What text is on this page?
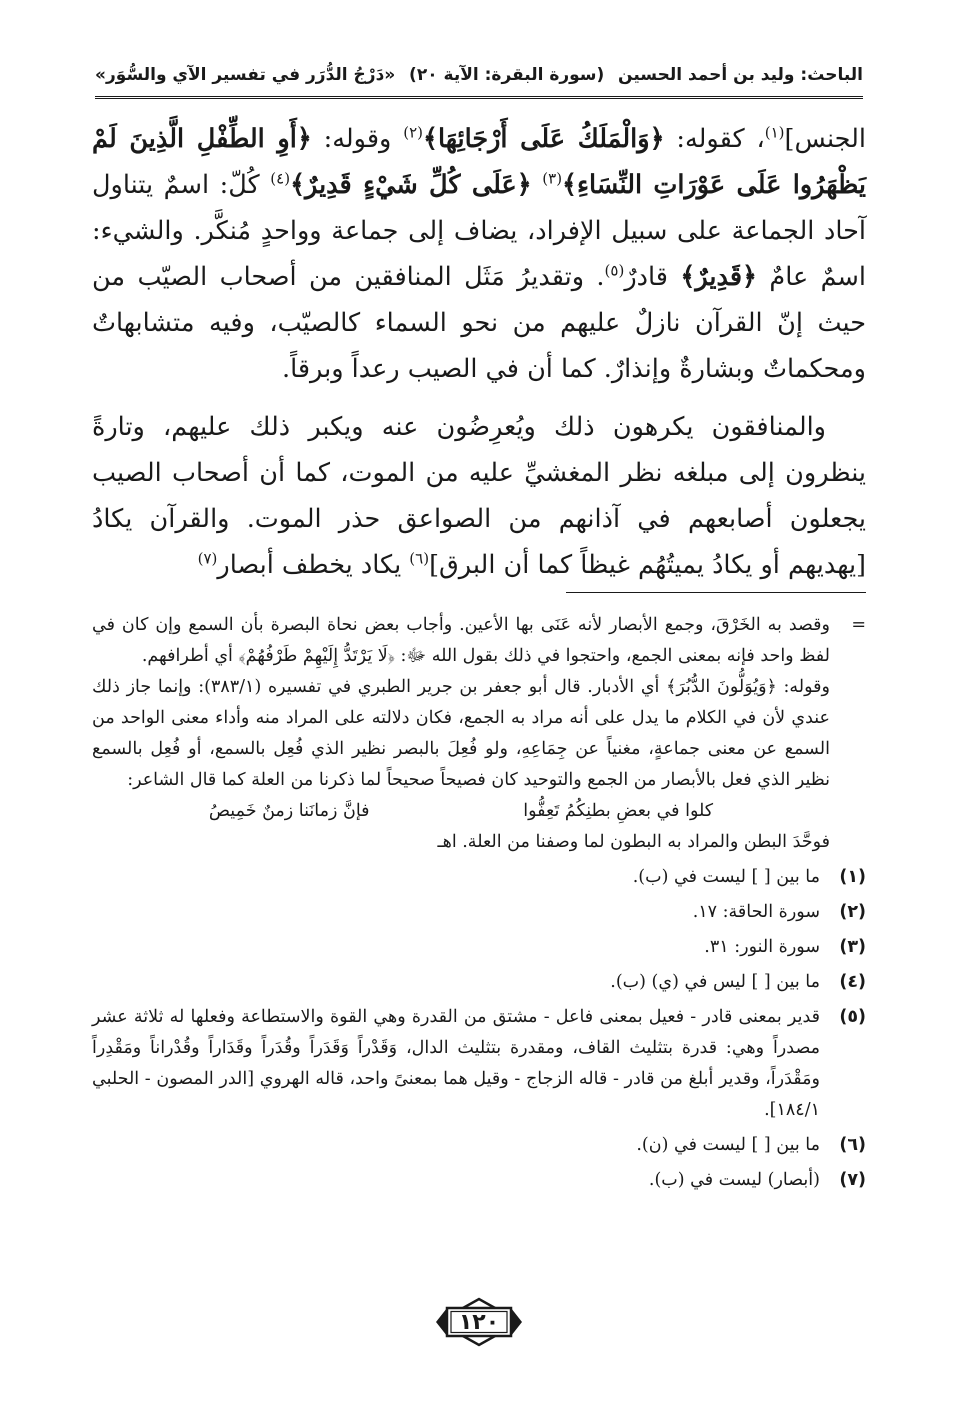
الباحث: وليد بن أحمد الحسين
(سورة البقرة: الآية ٢٠)
«دَرْجُ الدُّرَر في تفسير الآي والسُّوَر»

الجنس]$^{(١)}$، كقوله: ﴿وَالْمَلَكُ عَلَى أَرْجَائِهَا﴾$^{(٢)}$ وقوله: ﴿أَوِ الطِّفْلِ الَّذِينَ لَمْ يَظْهَرُوا عَلَى عَوْرَاتِ النِّسَاءِ﴾$^{(٣)}$ ﴿عَلَى كُلِّ شَيْءٍ قَدِيرٌ﴾$^{(٤)}$ كُلّ: اسمٌ يتناول آحاد الجماعة على سبيل الإفراد، يضاف إلى جماعة وواحدٍ مُنكَّر. والشيء: اسمٌ عامٌ ﴿قَدِيرٌ﴾ قادرٌ$^{(٥)}$. وتقديرُ مَثَل المنافقين من أصحاب الصيّب من حيث إنّ القرآن نازلٌ عليهم من نحو السماء كالصيّب، وفيه متشابهاتٌ ومحكماتٌ وبشارةٌ وإنذارٌ. كما أن في الصيب رعداً وبرقاً.

والمنافقون يكرهون ذلك ويُعرِضُون عنه ويكبر ذلك عليهم، وتارةً ينظرون إلى مبلغه نظر المغشيِّ عليه من الموت، كما أن أصحاب الصيب يجعلون أصابعهم في آذانهم من الصواعق حذر الموت. والقرآن يكادُ [يهديهم أو يكادُ يميتُهُم غيظاً كما أن البرق]$^{(٦)}$ يكاد يخطف أبصار$^{(٧)}$

=

وقصد به الخَرْقَ، وجمع الأبصار لأنه عَنَى بها الأعين. وأجاب بعض نحاة البصرة بأن السمع وإن كان في لفظ واحد فإنه بمعنى الجمع، واحتجوا في ذلك بقول الله ﷻ: ﴿لَا يَرْتَدُّ إِلَيْهِمْ طَرْفُهُمْ﴾ أي أطرافهم.

وقوله: ﴿وَيُوَلُّونَ الدُّبُرَ﴾ أي الأدبار. قال أبو جعفر بن جرير الطبري في تفسيره (٣٨٣/١): وإنما جاز ذلك عندي لأن في الكلام ما يدل على أنه مراد به الجمع، فكان دلالته على المراد منه وأداء معنى الواحد من السمع عن معنى جماعةٍ، مغنياً عن جِمَاعِهِ، ولو فُعِلَ بالبصر نظير الذي فُعِل بالسمع، أو فُعِل بالسمع نظير الذي فعل بالأبصار من الجمع والتوحيد كان فصيحاً صحيحاً لما ذكرنا من العلة كما قال الشاعر:

كلوا في بعضِ بطنِكُمُ تَعِفُّوا
فإنَّ زمانَنا زمنٌ خَمِيصُ

فوحَّدَ البطن والمراد به البطون لما وصفنا من العلة. اهـ

(١)
ما بين [ ] ليست في (ب).
(٢)
سورة الحاقة: ١٧.
(٣)
سورة النور: ٣١.
(٤)
ما بين [ ] ليس في (ي) (ب).
(٥)
قدير بمعنى قادر - فعيل بمعنى فاعل - مشتق من القدرة وهي القوة والاستطاعة وفعلها له ثلاثة عشر مصدراً وهي: قدرة بتثليث القاف، ومقدرة بتثليث الدال، وَقَدْراً وَقَدَراً وقُدَراً وقَدَاراً وقُدْراناً ومَقْدِراً ومَقْدَراً، وقدير أبلغ من قادر - قاله الزجاج - وقيل هما بمعنىً واحد، قاله الهروي [الدر المصون - الحلبي ١٨٤/١].
(٦)
ما بين [ ] ليست في (ن).
(٧)
(أبصار) ليست في (ب).
١٢٠
